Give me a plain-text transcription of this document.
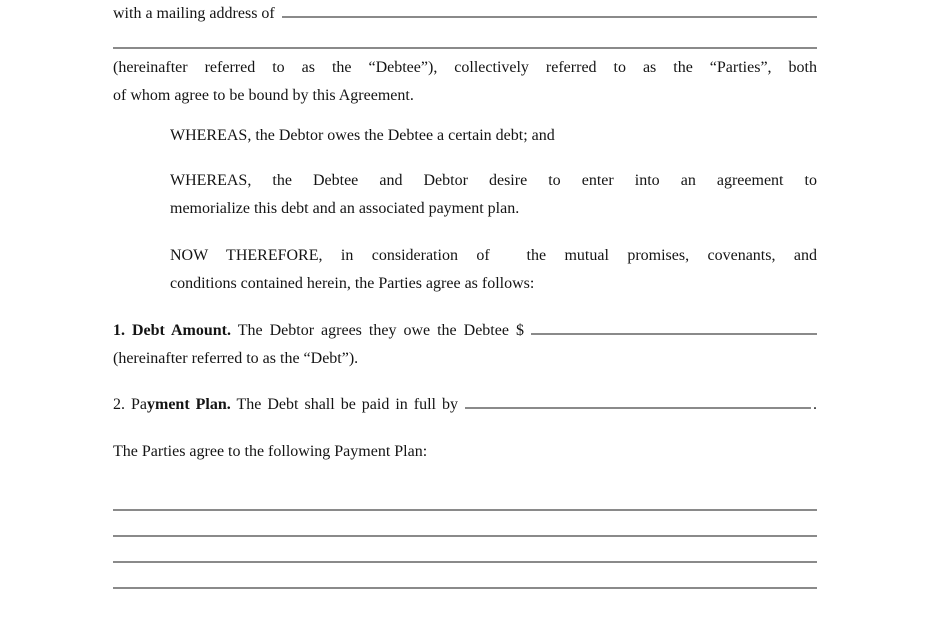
with a mailing address of
(hereinafter referred to as the “Debtee”), collectively referred to as the “Parties”, both
of whom agree to be bound by this Agreement.
WHEREAS, the Debtor owes the Debtee a certain debt; and
WHEREAS, the Debtee and Debtor desire to enter into an agreement to
memorialize this debt and an associated payment plan.
NOW THEREFORE, in consideration of  the mutual promises, covenants, and
conditions contained herein, the Parties agree as follows:
1. Debt Amount. The Debtor agrees they owe the Debtee $
(hereinafter referred to as the “Debt”).
2. Payment Plan. The Debt shall be paid in full by	.
The Parties agree to the following Payment Plan:
